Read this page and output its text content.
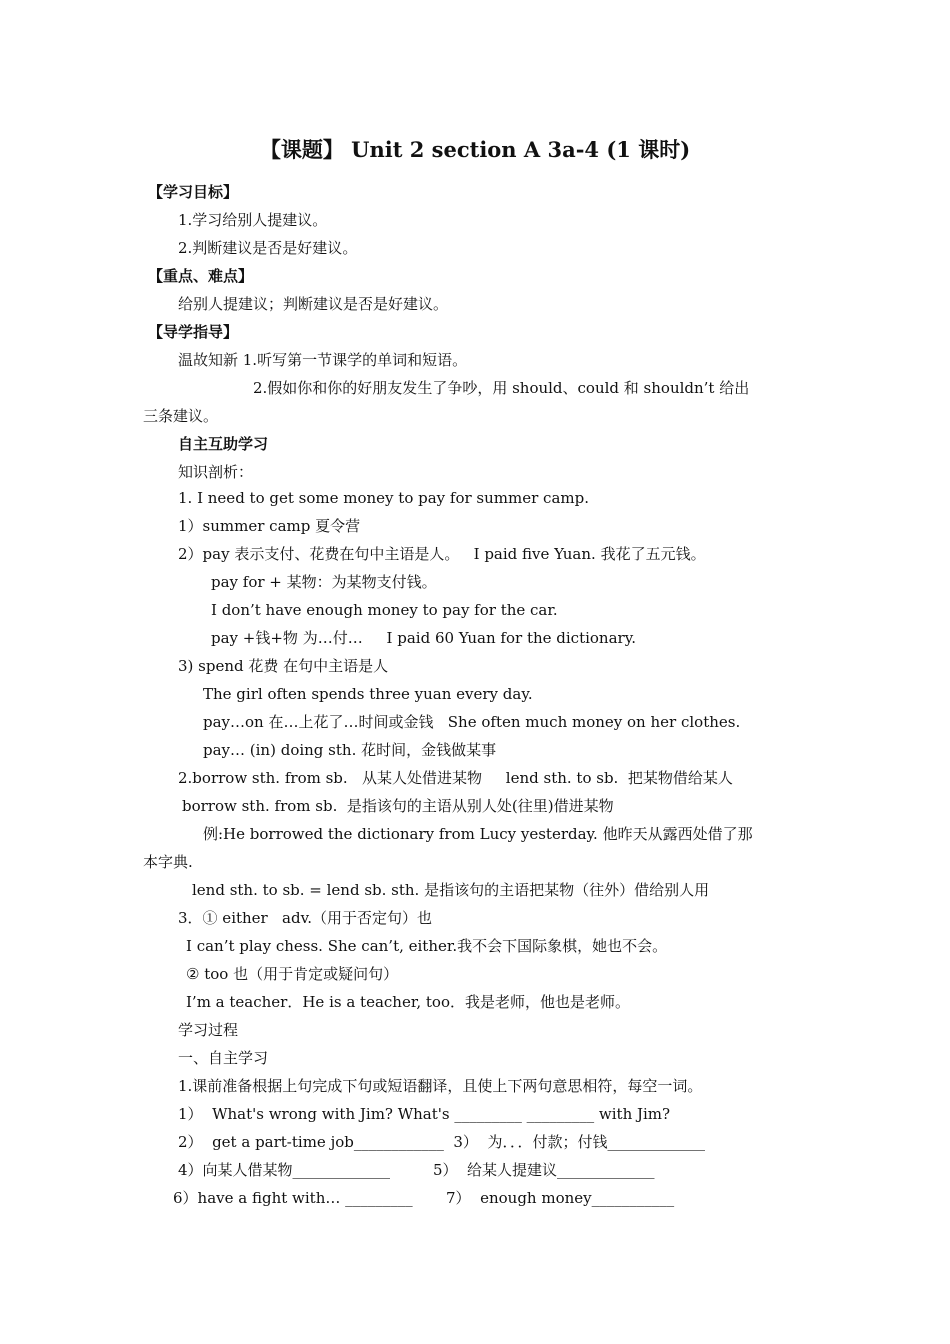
【课题】 Unit 2 section A 3a-4 (1 课时)
【学习目标】
1.学习给别人提建议。
2.判断建议是否是好建议。
【重点、难点】
给别人提建议；判断建议是否是好建议。
【导学指导】
温故知新 1.听写第一节课学的单词和短语。
2.假如你和你的好朋友发生了争吵，用 should、could 和 shouldn’t 给出
三条建议。
自主互助学习
知识剖析：
1. I need to get some money to pay for summer camp.
1）summer camp 夏令营
2）pay 表示支付、花费在句中主语是人。   I paid five Yuan. 我花了五元钱。
pay for + 某物：为某物支付钱。
I don’t have enough money to pay for the car.
pay +钱+物 为…付…     I paid 60 Yuan for the dictionary.
3) spend 花费 在句中主语是人
The girl often spends three yuan every day.
pay…on 在…上花了…时间或金钱   She often much money on her clothes.
pay… (in) doing sth. 花时间，金钱做某事
2.borrow sth. from sb.   从某人处借进某物     lend sth. to sb.  把某物借给某人
borrow sth. from sb.  是指该句的主语从别人处(往里)借进某物
例:He borrowed the dictionary from Lucy yesterday. 他昨天从露西处借了那
本字典.
lend sth. to sb. = lend sb. sth. 是指该句的主语把某物（往外）借给别人用
3．① either   adv.（用于否定句）也
I can’t play chess. She can’t, either.我不会下国际象棋，她也不会。
② too 也（用于肯定或疑问句）
I’m a teacher．He is a teacher, too．我是老师，他也是老师。
学习过程
一、自主学习
1.课前准备根据上句完成下句或短语翻译，且使上下两句意思相符，每空一词。
1）  What's wrong with Jim? What's _________ _________ with Jim?
2）  get a part-time job____________  3）  为．．．付款；付钱_____________
4）向某人借某物_____________         5）  给某人提建议_____________
6）have a fight with… _________       7）  enough money___________
